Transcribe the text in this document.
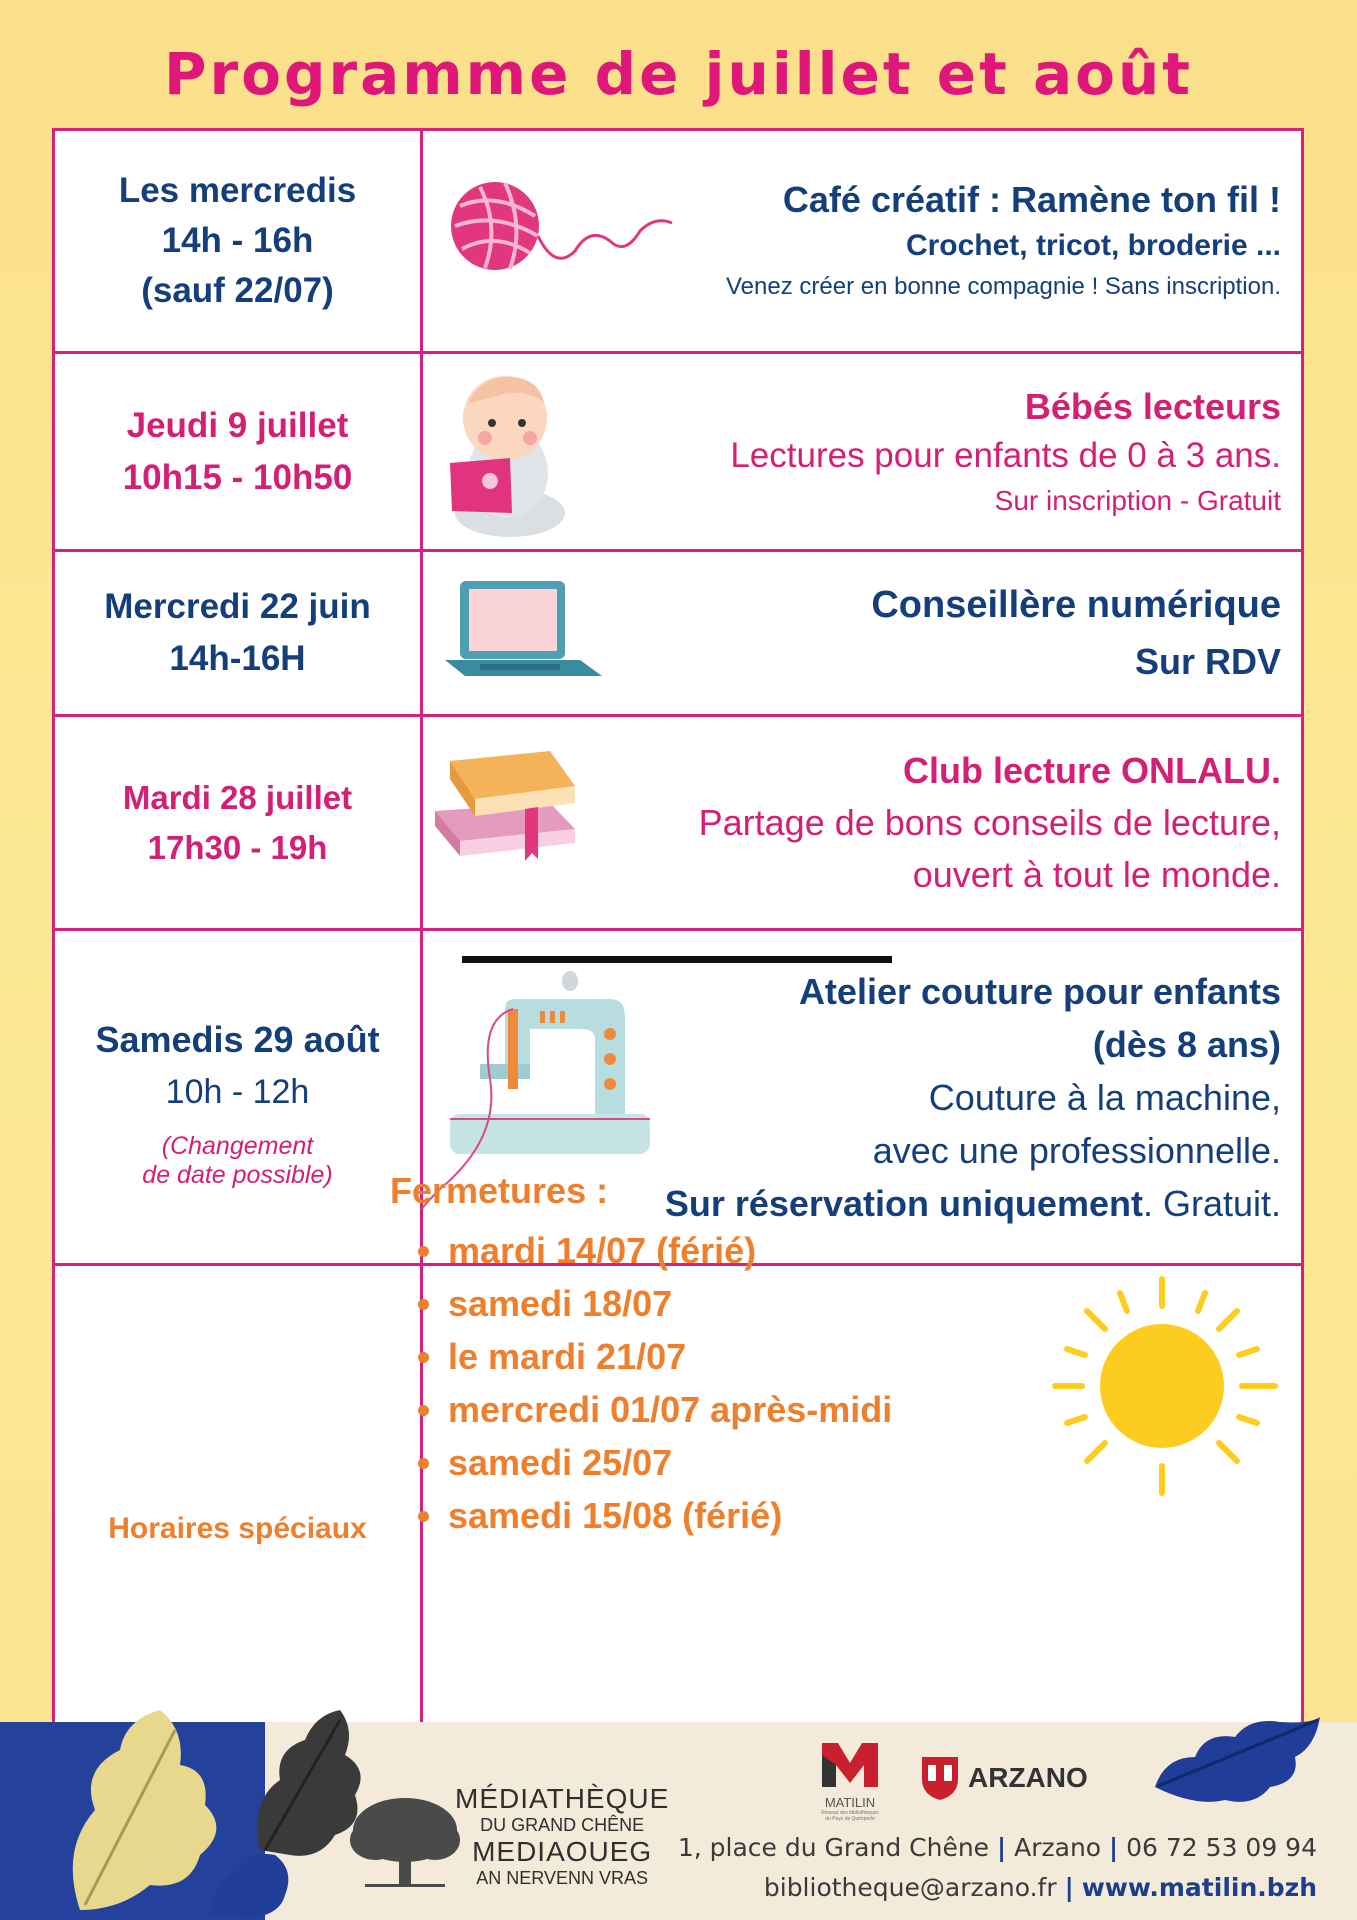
Programme de juillet et août
Les mercredis
14h - 16h
(sauf 22/07)
Café créatif : Ramène ton fil !
Crochet, tricot, broderie ...
Venez créer en bonne compagnie ! Sans inscription.
Jeudi 9 juillet
10h15 - 10h50
Bébés lecteurs
Lectures pour enfants de 0 à 3 ans.
Sur inscription - Gratuit
Mercredi 22 juin
14h-16H
Conseillère numérique
Sur RDV
Mardi 28 juillet
17h30 - 19h
Club lecture ONLALU.
Partage de bons conseils de lecture,
ouvert à tout le monde.
Samedis 29 août
10h - 12h
(Changement
de date possible)
Atelier couture pour enfants
(dès 8 ans)
Couture à la machine,
avec une professionnelle.
Sur réservation uniquement. Gratuit.
Horaires spéciaux
Fermetures :
mardi 14/07 (férié)
samedi 18/07
le mardi 21/07
mercredi 01/07 après-midi
samedi 25/07
samedi 15/08 (férié)
MÉDIATHÈQUE
DU GRAND CHÊNE
MEDIAOUEG
AN NERVENN VRAS
MATILIN
Réseau des bibliothèques
du Pays de Quimperlé
ARZANO
1, place du Grand Chêne | Arzano | 06 72 53 09 94
bibliotheque@arzano.fr | www.matilin.bzh
